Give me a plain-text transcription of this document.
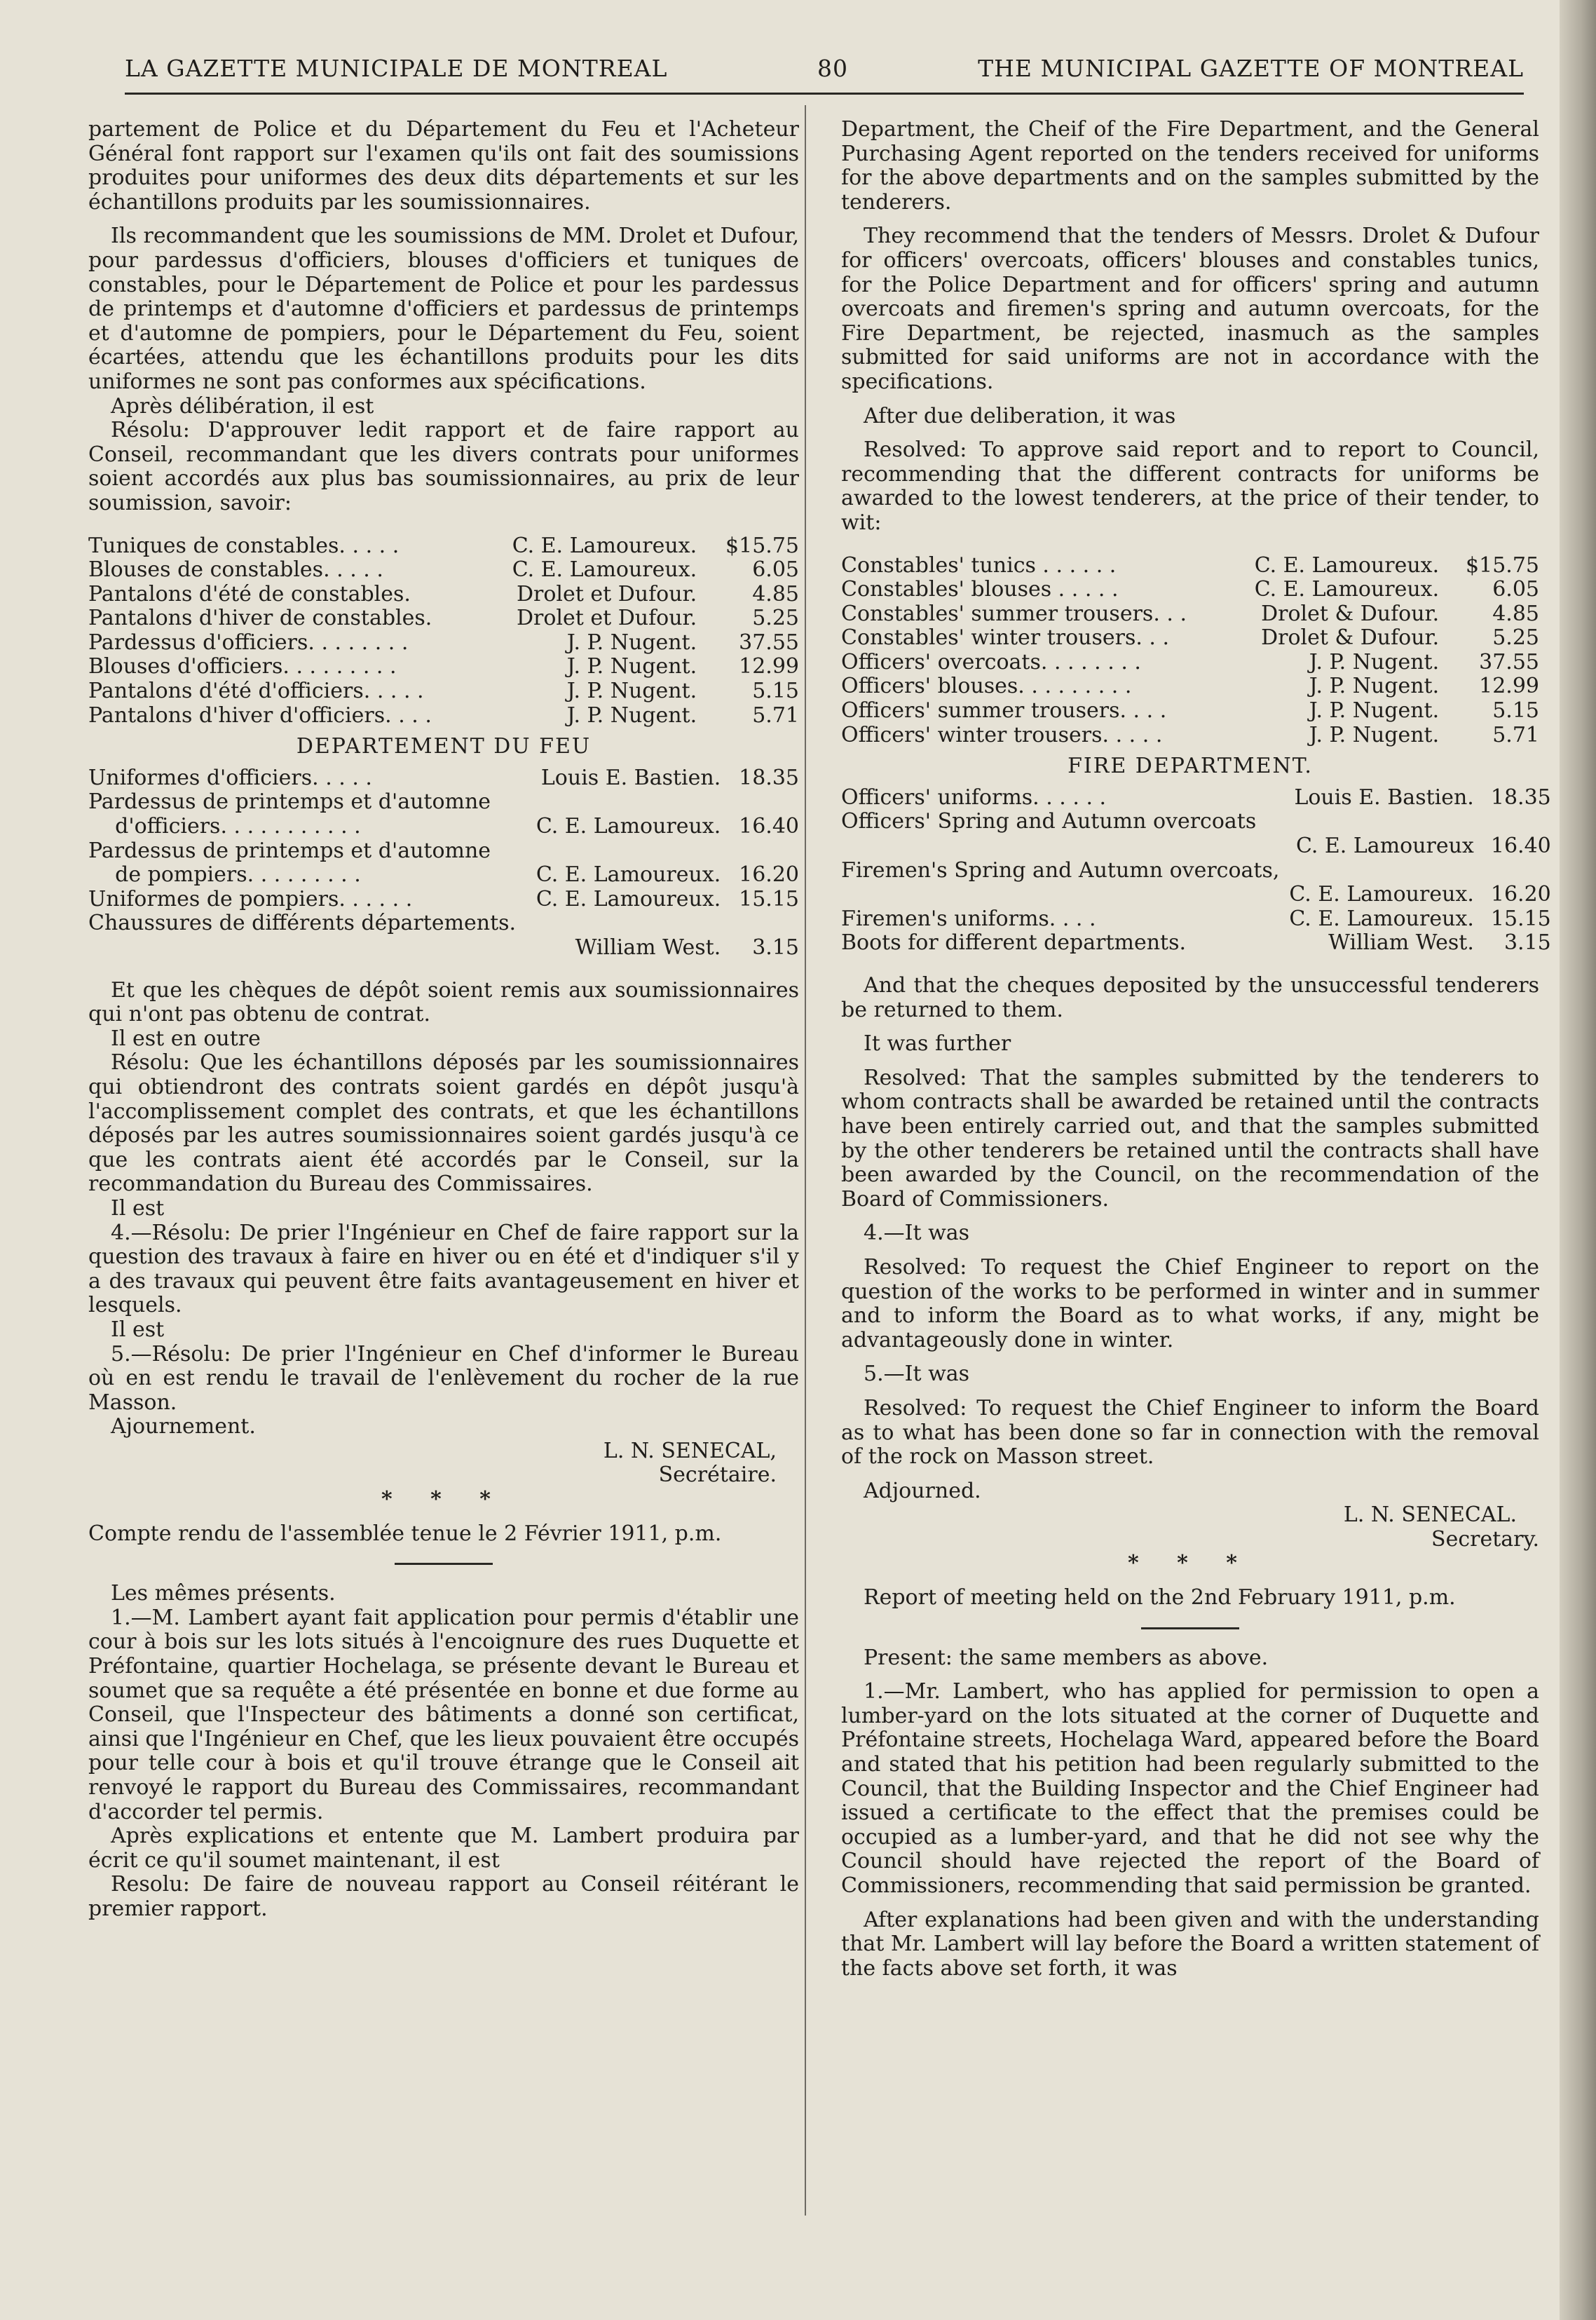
LA GAZETTE MUNICIPALE DE MONTREAL	80	THE MUNICIPAL GAZETTE OF MONTREAL

partement de Police et du Département du Feu et l'Acheteur Général font rapport sur l'examen qu'ils ont fait des soumissions produites pour uniformes des deux dits départements et sur les échantillons produits par les soumissionnaires.

Ils recommandent que les soumissions de MM. Drolet et Dufour, pour pardessus d'officiers, blouses d'officiers et tuniques de constables, pour le Département de Police et pour les pardessus de printemps et d'automne d'officiers et pardessus de printemps et d'automne de pompiers, pour le Département du Feu, soient écartées, attendu que les échantillons produits pour les dits uniformes ne sont pas conformes aux spécifications.

Après délibération, il est

Résolu: D'approuver ledit rapport et de faire rapport au Conseil, recommandant que les divers contrats pour uniformes soient accordés aux plus bas soumissionnaires, au prix de leur soumission, savoir:

Tuniques de constables. . . . .	C. E. Lamoureux.	$15.75
Blouses de constables. . . . .	C. E. Lamoureux.	6.05
Pantalons d'été de constables.	Drolet et Dufour.	4.85
Pantalons d'hiver de constables.	Drolet et Dufour.	5.25
Pardessus d'officiers. . . . . . . .	J. P. Nugent.	37.55
Blouses d'officiers. . . . . . . . .	J. P. Nugent.	12.99
Pantalons d'été d'officiers. . . . .	J. P. Nugent.	5.15
Pantalons d'hiver d'officiers. . . .	J. P. Nugent.	5.71
DEPARTEMENT DU FEU
Uniformes d'officiers. . . . .	Louis E. Bastien.	18.35
Pardessus de printemps et d'automne		
d'officiers. . . . . . . . . . .	C. E. Lamoureux.	16.40
Pardessus de printemps et d'automne		
de pompiers. . . . . . . . .	C. E. Lamoureux.	16.20
Uniformes de pompiers. . . . . .	C. E. Lamoureux.	15.15
Chaussures de différents départements.		
	William West.	3.15

Et que les chèques de dépôt soient remis aux soumissionnaires qui n'ont pas obtenu de contrat.

Il est en outre

Résolu: Que les échantillons déposés par les soumissionnaires qui obtiendront des contrats soient gardés en dépôt jusqu'à l'accomplissement complet des contrats, et que les échantillons déposés par les autres soumissionnaires soient gardés jusqu'à ce que les contrats aient été accordés par le Conseil, sur la recommandation du Bureau des Commissaires.

Il est

4.—Résolu: De prier l'Ingénieur en Chef de faire rapport sur la question des travaux à faire en hiver ou en été et d'indiquer s'il y a des travaux qui peuvent être faits avantageusement en hiver et lesquels.

Il est

5.—Résolu: De prier l'Ingénieur en Chef d'informer le Bureau où en est rendu le travail de l'enlèvement du rocher de la rue Masson.

Ajournement.

L. N. SENECAL,
Secrétaire.
* * *

Compte rendu de l'assemblée tenue le 2 Février 1911, p.m.

Les mêmes présents.

1.—M. Lambert ayant fait application pour permis d'établir une cour à bois sur les lots situés à l'encoignure des rues Duquette et Préfontaine, quartier Hochelaga, se présente devant le Bureau et soumet que sa requête a été présentée en bonne et due forme au Conseil, que l'Inspecteur des bâtiments a donné son certificat, ainsi que l'Ingénieur en Chef, que les lieux pouvaient être occupés pour telle cour à bois et qu'il trouve étrange que le Conseil ait renvoyé le rapport du Bureau des Commissaires, recommandant d'accorder tel permis.

Après explications et entente que M. Lambert produira par écrit ce qu'il soumet maintenant, il est

Resolu: De faire de nouveau rapport au Conseil réitérant le premier rapport.

Department, the Cheif of the Fire Department, and the General Purchasing Agent reported on the tenders received for uniforms for the above departments and on the samples submitted by the tenderers.

They recommend that the tenders of Messrs. Drolet & Dufour for officers' overcoats, officers' blouses and constables tunics, for the Police Department and for officers' spring and autumn overcoats and firemen's spring and autumn overcoats, for the Fire Department, be rejected, inasmuch as the samples submitted for said uniforms are not in accordance with the specifications.

After due deliberation, it was

Resolved: To approve said report and to report to Council, recommending that the different contracts for uniforms be awarded to the lowest tenderers, at the price of their tender, to wit:

Constables' tunics . . . . . .	C. E. Lamoureux.	$15.75
Constables' blouses . . . . .	C. E. Lamoureux.	6.05
Constables' summer trousers. . .	Drolet & Dufour.	4.85
Constables' winter trousers. . .	Drolet & Dufour.	5.25
Officers' overcoats. . . . . . . .	J. P. Nugent.	37.55
Officers' blouses. . . . . . . . .	J. P. Nugent.	12.99
Officers' summer trousers. . . .	J. P. Nugent.	5.15
Officers' winter trousers. . . . .	J. P. Nugent.	5.71
FIRE DEPARTMENT.
Officers' uniforms. . . . . .	Louis E. Bastien.	18.35
Officers' Spring and Autumn overcoats		
	C. E. Lamoureux	16.40
Firemen's Spring and Autumn overcoats,		
	C. E. Lamoureux.	16.20
Firemen's uniforms. . . .	C. E. Lamoureux.	15.15
Boots for different departments.	William West.	3.15

And that the cheques deposited by the unsuccessful tenderers be returned to them.

It was further

Resolved: That the samples submitted by the tenderers to whom contracts shall be awarded be retained until the contracts have been entirely carried out, and that the samples submitted by the other tenderers be retained until the contracts shall have been awarded by the Council, on the recommendation of the Board of Commissioners.

4.—It was

Resolved: To request the Chief Engineer to report on the question of the works to be performed in winter and in summer and to inform the Board as to what works, if any, might be advantageously done in winter.

5.—It was

Resolved: To request the Chief Engineer to inform the Board as to what has been done so far in connection with the removal of the rock on Masson street.

Adjourned.

L. N. SENECAL.
Secretary.
* * *

Report of meeting held on the 2nd February 1911, p.m.

Present: the same members as above.

1.—Mr. Lambert, who has applied for permission to open a lumber-yard on the lots situated at the corner of Duquette and Préfontaine streets, Hochelaga Ward, appeared before the Board and stated that his petition had been regularly submitted to the Council, that the Building Inspector and the Chief Engineer had issued a certificate to the effect that the premises could be occupied as a lumber-yard, and that he did not see why the Council should have rejected the report of the Board of Commissioners, recommending that said permission be granted.

After explanations had been given and with the understanding that Mr. Lambert will lay before the Board a written statement of the facts above set forth, it was
